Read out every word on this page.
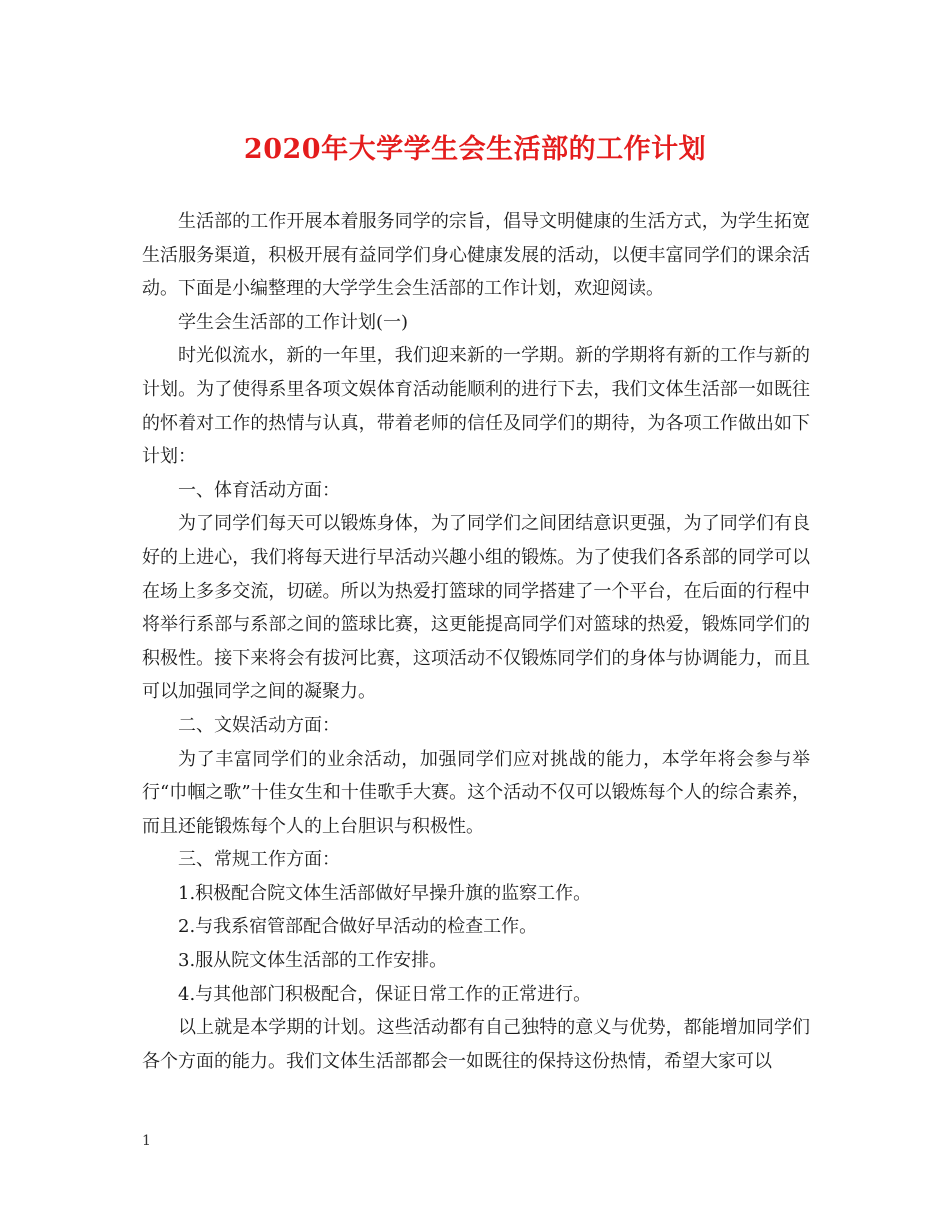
2020年大学学生会生活部的工作计划

生活部的工作开展本着服务同学的宗旨，倡导文明健康的生活方式，为学生拓宽生活服务渠道，积极开展有益同学们身心健康发展的活动，以便丰富同学们的课余活动。下面是小编整理的大学学生会生活部的工作计划，欢迎阅读。

学生会生活部的工作计划(一)

时光似流水，新的一年里，我们迎来新的一学期。新的学期将有新的工作与新的计划。为了使得系里各项文娱体育活动能顺利的进行下去，我们文体生活部一如既往的怀着对工作的热情与认真，带着老师的信任及同学们的期待，为各项工作做出如下计划：

一、体育活动方面：

为了同学们每天可以锻炼身体，为了同学们之间团结意识更强，为了同学们有良好的上进心，我们将每天进行早活动兴趣小组的锻炼。为了使我们各系部的同学可以在场上多多交流，切磋。所以为热爱打篮球的同学搭建了一个平台，在后面的行程中将举行系部与系部之间的篮球比赛，这更能提高同学们对篮球的热爱，锻炼同学们的积极性。接下来将会有拔河比赛，这项活动不仅锻炼同学们的身体与协调能力，而且可以加强同学之间的凝聚力。

二、文娱活动方面：

为了丰富同学们的业余活动，加强同学们应对挑战的能力，本学年将会参与举行“巾帼之歌”十佳女生和十佳歌手大赛。这个活动不仅可以锻炼每个人的综合素养，而且还能锻炼每个人的上台胆识与积极性。

三、常规工作方面：

1.积极配合院文体生活部做好早操升旗的监察工作。

2.与我系宿管部配合做好早活动的检查工作。

3.服从院文体生活部的工作安排。

4.与其他部门积极配合，保证日常工作的正常进行。

以上就是本学期的计划。这些活动都有自己独特的意义与优势，都能增加同学们各个方面的能力。我们文体生活部都会一如既往的保持这份热情，希望大家可以

1
